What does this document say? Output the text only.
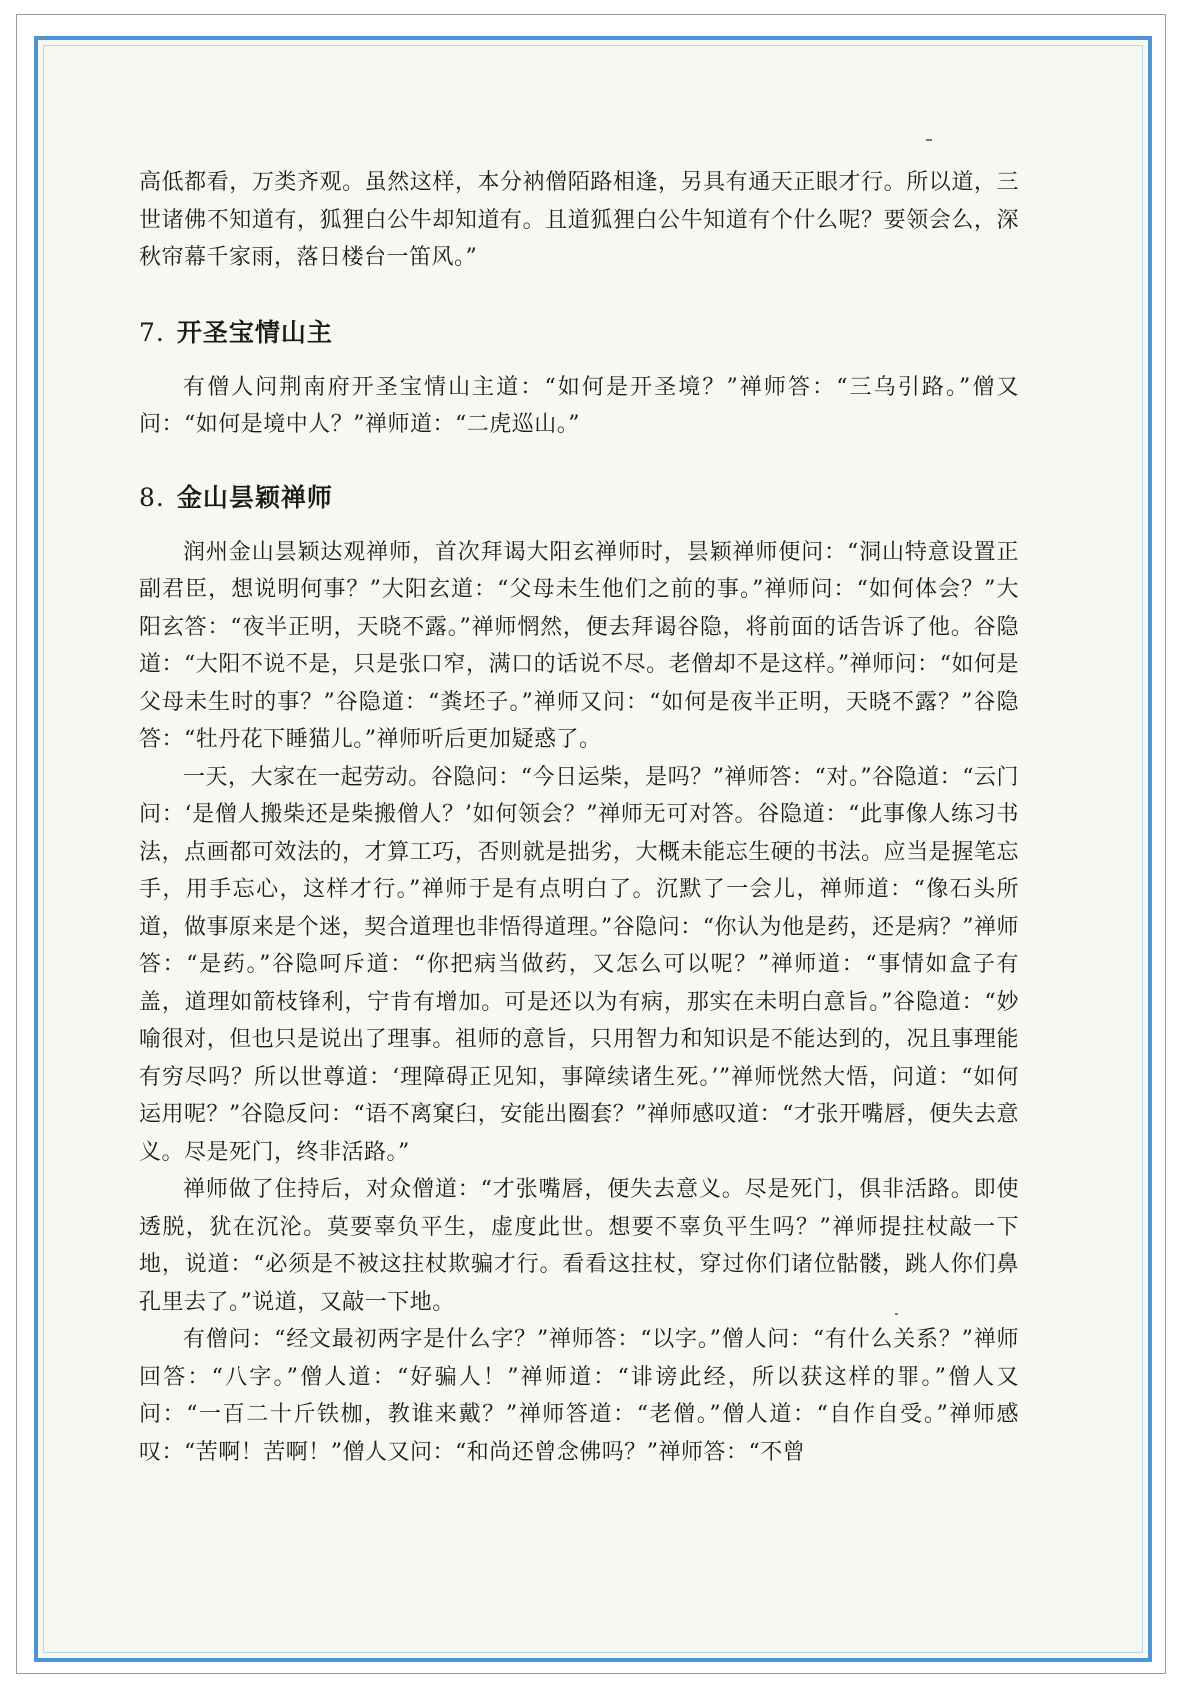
高低都看，万类齐观。虽然这样，本分衲僧陌路相逢，另具有通天正眼才行。所以道，三世诸佛不知道有，狐狸白公牛却知道有。且道狐狸白公牛知道有个什么呢？要领会么，深秋帘幕千家雨，落日楼台一笛风。”

7. 开圣宝情山主

有僧人问荆南府开圣宝情山主道：“如何是开圣境？”禅师答：“三乌引路。”僧又问：“如何是境中人？”禅师道：“二虎巡山。”

8. 金山昙颖禅师

润州金山昙颖达观禅师，首次拜谒大阳玄禅师时，昙颖禅师便问：“洞山特意设置正副君臣，想说明何事？”大阳玄道：“父母未生他们之前的事。”禅师问：“如何体会？”大阳玄答：“夜半正明，天晓不露。”禅师惘然，便去拜谒谷隐，将前面的话告诉了他。谷隐道：“大阳不说不是，只是张口窄，满口的话说不尽。老僧却不是这样。”禅师问：“如何是父母未生时的事？”谷隐道：“粪坯子。”禅师又问：“如何是夜半正明，天晓不露？”谷隐答：“牡丹花下睡猫儿。”禅师听后更加疑惑了。

一天，大家在一起劳动。谷隐问：“今日运柴，是吗？”禅师答：“对。”谷隐道：“云门问：‘是僧人搬柴还是柴搬僧人？’如何领会？”禅师无可对答。谷隐道：“此事像人练习书法，点画都可效法的，才算工巧，否则就是拙劣，大概未能忘生硬的书法。应当是握笔忘手，用手忘心，这样才行。”禅师于是有点明白了。沉默了一会儿，禅师道：“像石头所道，做事原来是个迷，契合道理也非悟得道理。”谷隐问：“你认为他是药，还是病？”禅师答：“是药。”谷隐呵斥道：“你把病当做药，又怎么可以呢？”禅师道：“事情如盒子有盖，道理如箭枝锋利，宁肯有增加。可是还以为有病，那实在未明白意旨。”谷隐道：“妙喻很对，但也只是说出了理事。祖师的意旨，只用智力和知识是不能达到的，况且事理能有穷尽吗？所以世尊道：‘理障碍正见知，事障续诸生死。’”禅师恍然大悟，问道：“如何运用呢？”谷隐反问：“语不离窠臼，安能出圈套？”禅师感叹道：“才张开嘴唇，便失去意义。尽是死门，终非活路。”

禅师做了住持后，对众僧道：“才张嘴唇，便失去意义。尽是死门，俱非活路。即使透脱，犹在沉沦。莫要辜负平生，虚度此世。想要不辜负平生吗？”禅师提拄杖敲一下地，说道：“必须是不被这拄杖欺骗才行。看看这拄杖，穿过你们诸位骷髅，跳人你们鼻孔里去了。”说道，又敲一下地。

有僧问：“经文最初两字是什么字？”禅师答：“以字。”僧人问：“有什么关系？”禅师回答：“八字。”僧人道：“好骗人！”禅师道：“诽谤此经，所以获这样的罪。”僧人又问：“一百二十斤铁枷，教谁来戴？”禅师答道：“老僧。”僧人道：“自作自受。”禅师感叹：“苦啊！苦啊！”僧人又问：“和尚还曾念佛吗？”禅师答：“不曾
